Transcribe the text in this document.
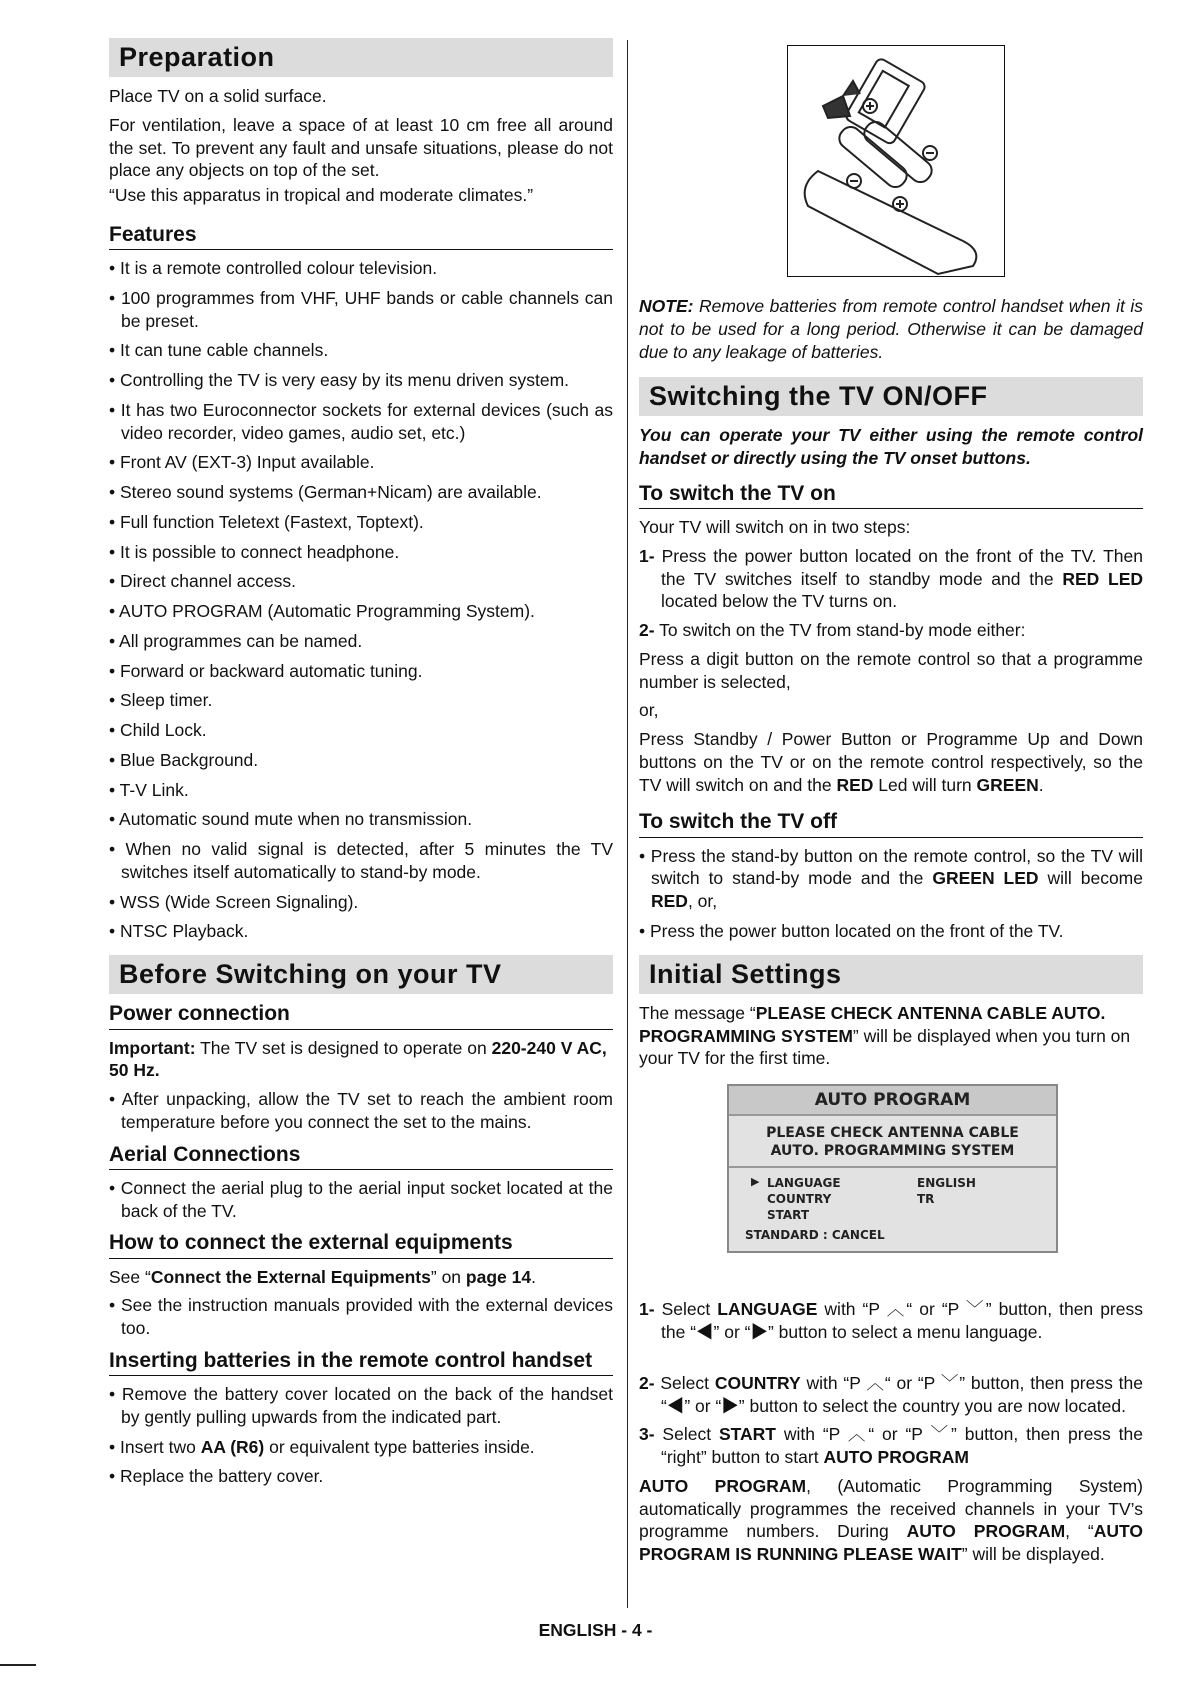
Preparation

Place TV on a solid surface.

For ventilation, leave a space of at least 10 cm free all around the set. To prevent any fault and unsafe situations, please do not place any objects on top of the set.

“Use this apparatus in tropical and moderate climates.”

Features

• It is a remote controlled colour television.

• 100 programmes from VHF, UHF bands or cable channels can be preset.

• It can tune cable channels.

• Controlling the TV is very easy by its menu driven system.

• It has two Euroconnector sockets for external devices (such as video recorder, video games, audio set, etc.)

• Front AV (EXT-3) Input available.

• Stereo sound systems (German+Nicam) are available.

• Full function Teletext (Fastext, Toptext).

• It is possible to connect headphone.

• Direct channel access.

• AUTO PROGRAM (Automatic Programming System).

• All programmes can be named.

• Forward or backward automatic tuning.

• Sleep timer.

• Child Lock.

• Blue Background.

• T-V Link.

• Automatic sound mute when no transmission.

• When no valid signal is detected, after 5 minutes the TV switches itself automatically to stand-by mode.

• WSS (Wide Screen Signaling).

• NTSC Playback.

Before Switching on your TV
Power connection

Important: The TV set is designed to operate on 220-240 V AC, 50 Hz.

• After unpacking, allow the TV set to reach the ambient room temperature before you connect the set to the mains.

Aerial Connections

• Connect the aerial plug to the aerial input socket located at the back of the TV.

How to connect the external equipments

See “Connect the External Equipments” on page 14.

• See the instruction manuals provided with the external devices too.

Inserting batteries in the remote control handset

• Remove the battery cover located on the back of the handset by gently pulling upwards from the indicated part.

• Insert two AA (R6) or equivalent type batteries inside.

• Replace the battery cover.

NOTE: Remove batteries from remote control handset when it is not to be used for a long period. Otherwise it can be damaged due to any leakage of batteries.

Switching the TV ON/OFF

You can operate your TV either using the remote control handset or directly using the TV onset buttons.

To switch the TV on

Your TV will switch on in two steps:

1- Press the power button located on the front of the TV. Then the TV switches itself to standby mode and the RED LED located below the TV turns on.

2- To switch on the TV from stand-by mode either:

Press a digit button on the remote control so that a programme number is selected,

or,

Press Standby / Power Button or Programme Up and Down buttons on the TV or on the remote control respectively, so the TV will switch on and the RED Led will turn GREEN.

To switch the TV off

• Press the stand-by button on the remote control, so the TV will switch to stand-by mode and the GREEN LED will become RED, or,

• Press the power button located on the front of the TV.

Initial Settings

The message “PLEASE CHECK ANTENNA CABLE AUTO. PROGRAMMING SYSTEM” will be displayed when you turn on your TV for the first time.

AUTO PROGRAM
PLEASE CHECK ANTENNA CABLE
AUTO. PROGRAMMING SYSTEM
▶ LANGUAGE	ENGLISH
COUNTRY	TR
START
STANDARD : CANCEL

1- Select LANGUAGE with “P ︿“ or “P ﹀” button, then press the “◀” or “▶” button to select a menu language.

2- Select COUNTRY with “P ︿“ or “P ﹀” button, then press the “◀” or “▶” button to select the country you are now located.

3- Select START with “P ︿“ or “P ﹀” button, then press the “right” button to start AUTO PROGRAM

AUTO PROGRAM, (Automatic Programming System) automatically programmes the received channels in your TV’s programme numbers. During AUTO PROGRAM, “AUTO PROGRAM IS RUNNING PLEASE WAIT” will be displayed.

ENGLISH - 4 -
